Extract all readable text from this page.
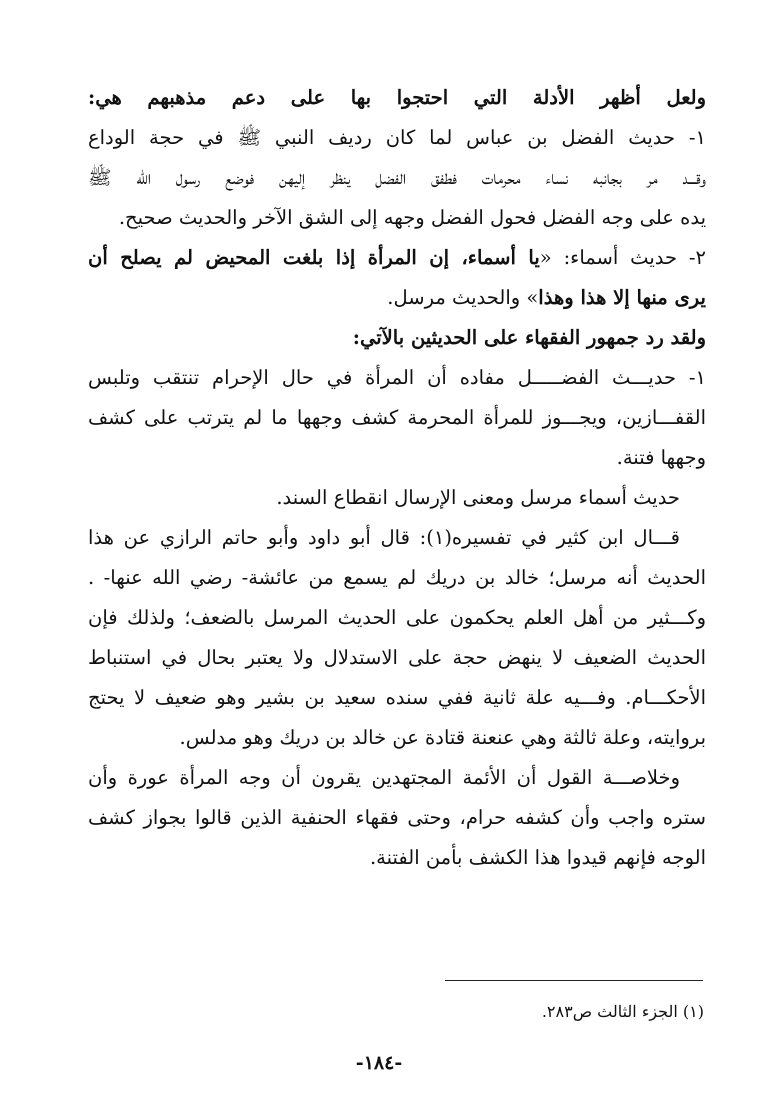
ولعل أظهر الأدلة التي احتجوا بها على دعم مذهبهم هي:
١- حديث الفضل بن عباس لما كان رديف النبي ﷺ في حجة الوداع
وقـــد مر بجانبه نساء محرمات فطفق الفضل ينظر إليهن فوضع رسول الله ﷺ
يده على وجه الفضل فحول الفضل وجهه إلى الشق الآخر والحديث صحيح.
٢- حديث أسماء: «يا أسماء، إن المرأة إذا بلغت المحيض لم يصلح أن
يرى منها إلا هذا وهذا» والحديث مرسل.
ولقد رد جمهور الفقهاء على الحديثين بالآتي:
١- حديـــث الفضـــــل مفاده أن المرأة في حال الإحرام تنتقب وتلبس
القفـــازين، ويجـــوز للمرأة المحرمة كشف وجهها ما لم يترتب على كشف
وجهها فتنة.
حديث أسماء مرسل ومعنى الإرسال انقطاع السند.
قـــال ابن كثير في تفسيره(١): قال أبو داود وأبو حاتم الرازي عن هذا
الحديث أنه مرسل؛ خالد بن دريك لم يسمع من عائشة- رضي الله عنها- .
وكـــثير من أهل العلم يحكمون على الحديث المرسل بالضعف؛ ولذلك فإن
الحديث الضعيف لا ينهض حجة على الاستدلال ولا يعتبر بحال في استنباط
الأحكـــام. وفـــيه علة ثانية ففي سنده سعيد بن بشير وهو ضعيف لا يحتج
بروايته، وعلة ثالثة وهي عنعنة قتادة عن خالد بن دريك وهو مدلس.
وخلاصـــة القول أن الأئمة المجتهدين يقرون أن وجه المرأة عورة وأن
ستره واجب وأن كشفه حرام، وحتى فقهاء الحنفية الذين قالوا بجواز كشف
الوجه فإنهم قيدوا هذا الكشف بأمن الفتنة.
(١) الجزء الثالث ص٢٨٣.
-١٨٤-
